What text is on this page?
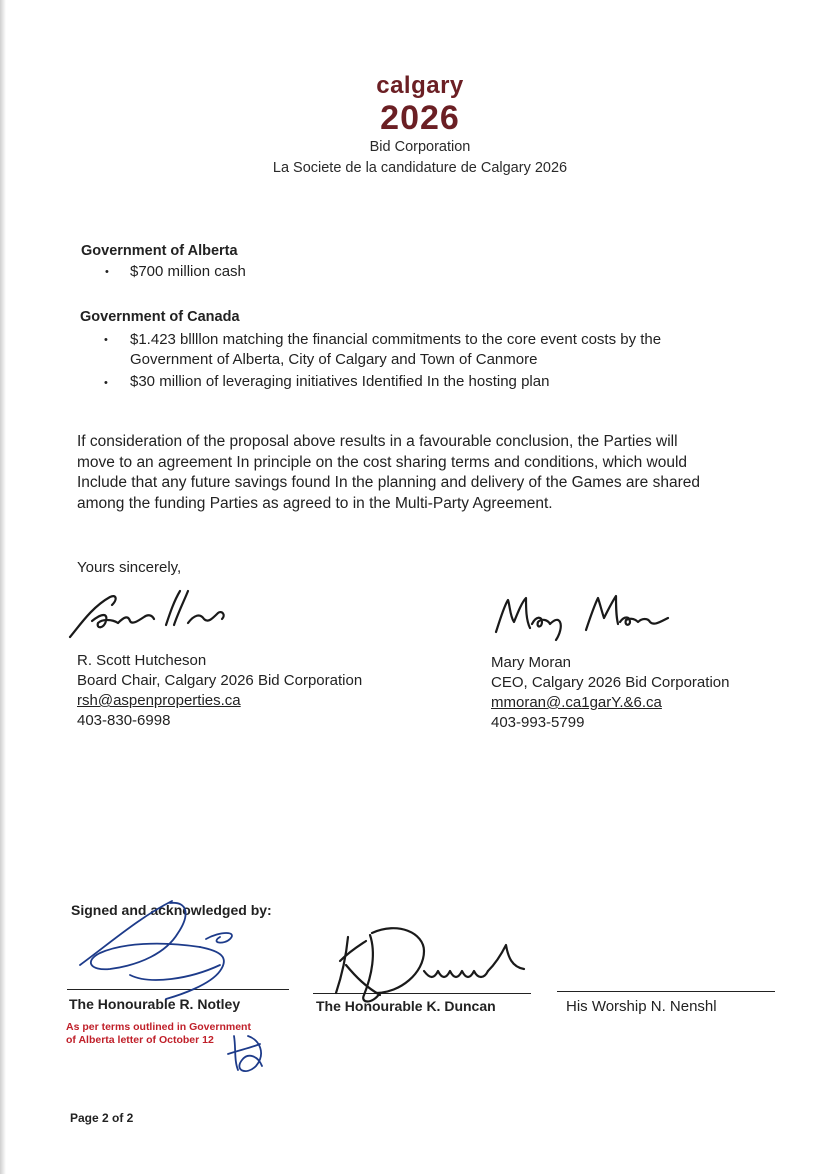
calgary
2026
Bid Corporation
La Societe de la candidature de Calgary 2026
Government of Alberta
• $700 million cash
Government of Canada
• $1.423 bllllon matching the financial commitments to the core event costs by the
Government of Alberta, City of Calgary and Town of Canmore
• $30 million of leveraging initiatives Identified In the hosting plan
If consideration of the proposal above results in a favourable conclusion, the Parties will
move to an agreement In principle on the cost sharing terms and conditions, which would
Include that any future savings found In the planning and delivery of the Games are shared
among the funding Parties as agreed to in the Multi-Party Agreement.
Yours sincerely,
R. Scott Hutcheson
Board Chair, Calgary 2026 Bid Corporation
rsh@aspenproperties.ca
403-830-6998
Mary Moran
CEO, Calgary 2026 Bid Corporation
mmoran@.ca1garY.&6.ca
403-993-5799
Signed and acknowledged by:
The Honourable R. Notley	The Honourable K. Duncan	His Worship N. Nenshl
As per terms outlined in Government
of Alberta letter of October 12
Page 2 of 2
